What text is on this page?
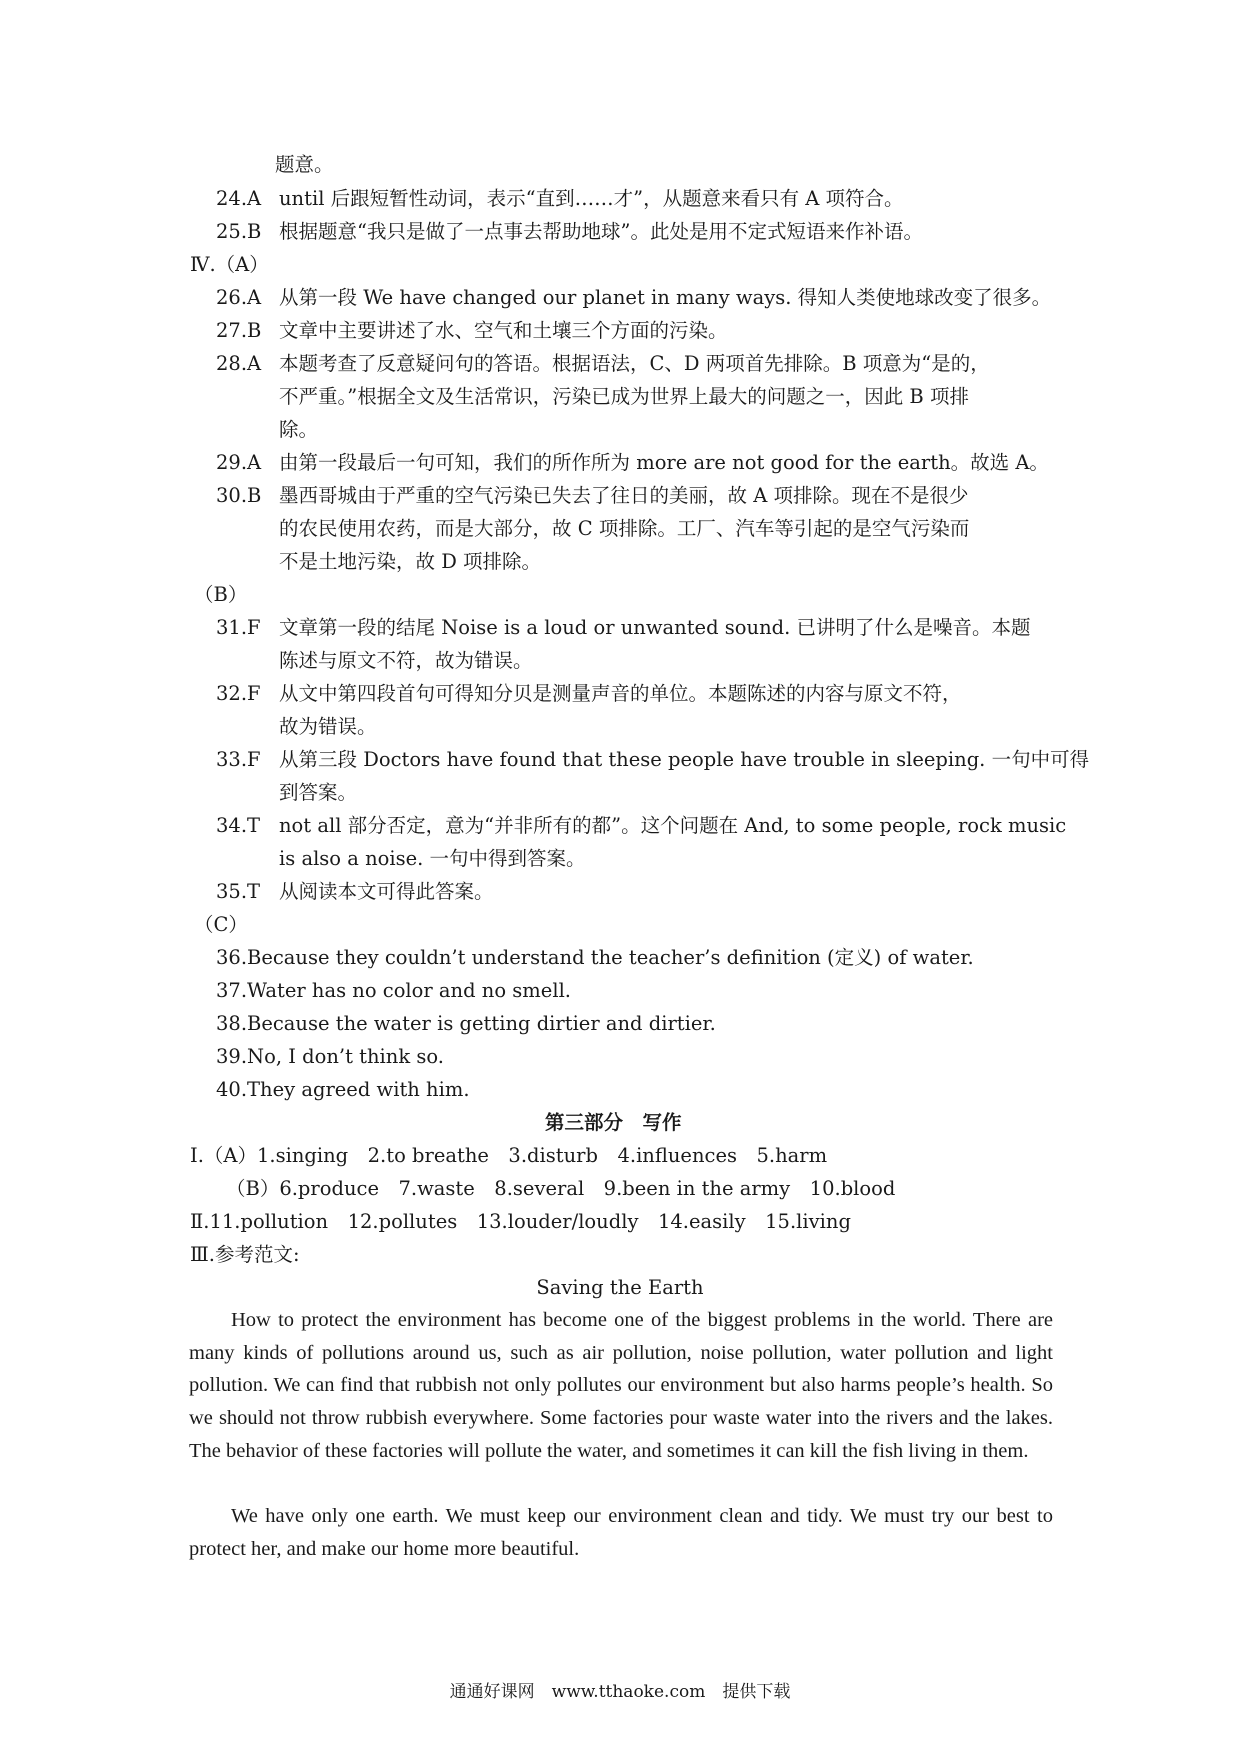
题意。
24.A until 后跟短暂性动词，表示“直到……才”，从题意来看只有 A 项符合。
25.B 根据题意“我只是做了一点事去帮助地球”。此处是用不定式短语来作补语。
Ⅳ.（A）
26.A 从第一段 We have changed our planet in many ways. 得知人类使地球改变了很多。
27.B 文章中主要讲述了水、空气和土壤三个方面的污染。
28.A 本题考查了反意疑问句的答语。根据语法，C、D 两项首先排除。B 项意为“是的，
不严重。”根据全文及生活常识，污染已成为世界上最大的问题之一，因此 B 项排
除。
29.A 由第一段最后一句可知，我们的所作所为 more are not good for the earth。故选 A。
30.B 墨西哥城由于严重的空气污染已失去了往日的美丽，故 A 项排除。现在不是很少
的农民使用农药，而是大部分，故 C 项排除。工厂、汽车等引起的是空气污染而
不是土地污染，故 D 项排除。
（B）
31.F 文章第一段的结尾 Noise is a loud or unwanted sound. 已讲明了什么是噪音。本题
陈述与原文不符，故为错误。
32.F 从文中第四段首句可得知分贝是测量声音的单位。本题陈述的内容与原文不符，
故为错误。
33.F 从第三段 Doctors have found that these people have trouble in sleeping. 一句中可得
到答案。
34.T not all 部分否定，意为“并非所有的都”。这个问题在 And, to some people, rock music
is also a noise. 一句中得到答案。
35.T 从阅读本文可得此答案。
（C）
36.Because they couldn’t understand the teacher’s definition (定义) of water.
37.Water has no color and no smell.
38.Because the water is getting dirtier and dirtier.
39.No, I don’t think so.
40.They agreed with him.
第三部分　写作
Ⅰ.（A）1.singing　2.to breathe　3.disturb　4.influences　5.harm
（B）6.produce　7.waste　8.several　9.been in the army　10.blood
Ⅱ.11.pollution　12.pollutes　13.louder/loudly　14.easily　15.living
Ⅲ.参考范文:
Saving the Earth
How to protect the environment has become one of the biggest problems in the world. There are many kinds of pollutions around us, such as air pollution, noise pollution, water pollution and light pollution. We can find that rubbish not only pollutes our environment but also harms people’s health. So we should not throw rubbish everywhere. Some factories pour waste water into the rivers and the lakes. The behavior of these factories will pollute the water, and sometimes it can kill the fish living in them.
We have only one earth. We must keep our environment clean and tidy. We must try our best to protect her, and make our home more beautiful.
通通好课网　www.tthaoke.com　提供下载
